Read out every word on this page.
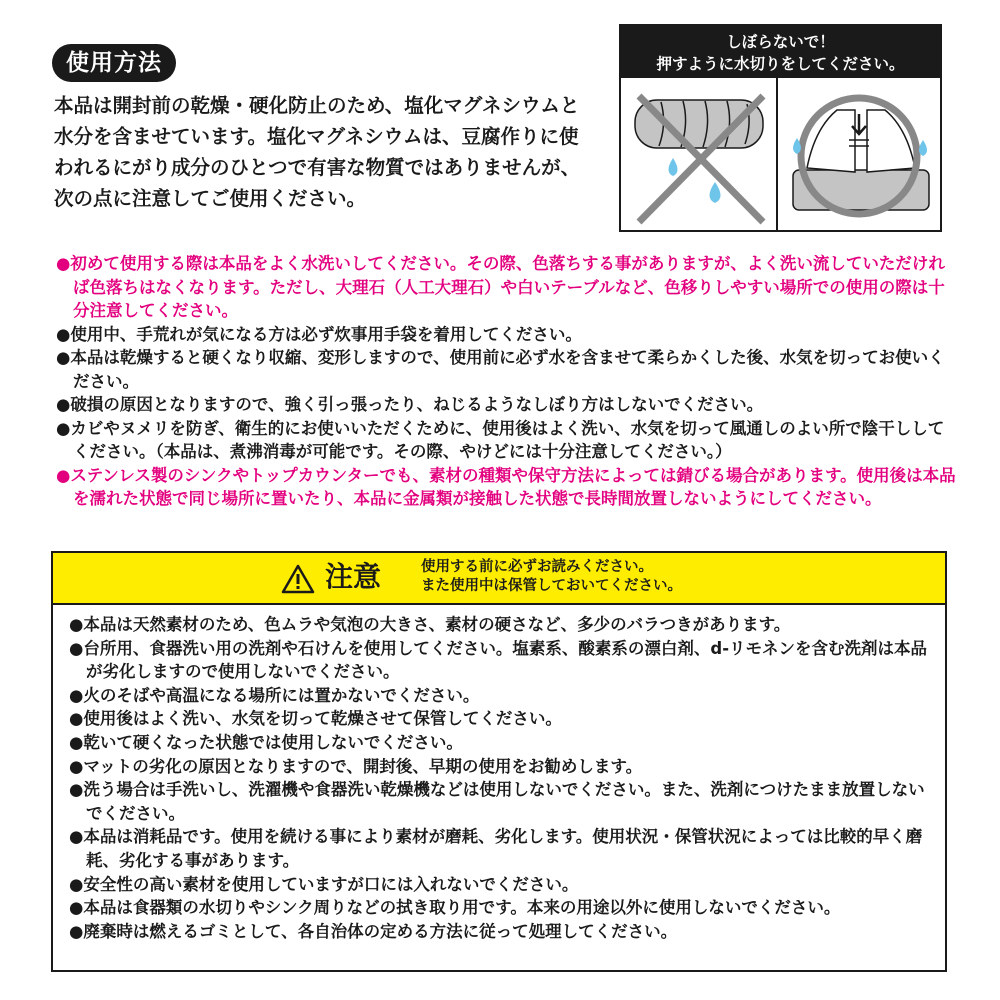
使用方法
本品は開封前の乾燥・硬化防止のため、塩化マグネシウムと水分を含ませています。塩化マグネシウムは、豆腐作りに使われるにがり成分のひとつで有害な物質ではありませんが、次の点に注意してご使用ください。
しぼらないで！
押すように水切りをしてください。
●初めて使用する際は本品をよく水洗いしてください。その際、色落ちする事がありますが、よく洗い流していただければ色落ちはなくなります。ただし、大理石（人工大理石）や白いテーブルなど、色移りしやすい場所での使用の際は十分注意してください。
●使用中、手荒れが気になる方は必ず炊事用手袋を着用してください。
●本品は乾燥すると硬くなり収縮、変形しますので、使用前に必ず水を含ませて柔らかくした後、水気を切ってお使いください。
●破損の原因となりますので、強く引っ張ったり、ねじるようなしぼり方はしないでください。
●カビやヌメリを防ぎ、衛生的にお使いいただくために、使用後はよく洗い、水気を切って風通しのよい所で陰干ししてください。（本品は、煮沸消毒が可能です。その際、やけどには十分注意してください。）
●ステンレス製のシンクやトップカウンターでも、素材の種類や保守方法によっては錆びる場合があります。使用後は本品を濡れた状態で同じ場所に置いたり、本品に金属類が接触した状態で長時間放置しないようにしてください。
注意	使用する前に必ずお読みください。
また使用中は保管しておいてください。
●本品は天然素材のため、色ムラや気泡の大きさ、素材の硬さなど、多少のバラつきがあります。
●台所用、食器洗い用の洗剤や石けんを使用してください。塩素系、酸素系の漂白剤、d-リモネンを含む洗剤は本品が劣化しますので使用しないでください。
●火のそばや高温になる場所には置かないでください。
●使用後はよく洗い、水気を切って乾燥させて保管してください。
●乾いて硬くなった状態では使用しないでください。
●マットの劣化の原因となりますので、開封後、早期の使用をお勧めします。
●洗う場合は手洗いし、洗濯機や食器洗い乾燥機などは使用しないでください。また、洗剤につけたまま放置しないでください。
●本品は消耗品です。使用を続ける事により素材が磨耗、劣化します。使用状況・保管状況によっては比較的早く磨耗、劣化する事があります。
●安全性の高い素材を使用していますが口には入れないでください。
●本品は食器類の水切りやシンク周りなどの拭き取り用です。本来の用途以外に使用しないでください。
●廃棄時は燃えるゴミとして、各自治体の定める方法に従って処理してください。
